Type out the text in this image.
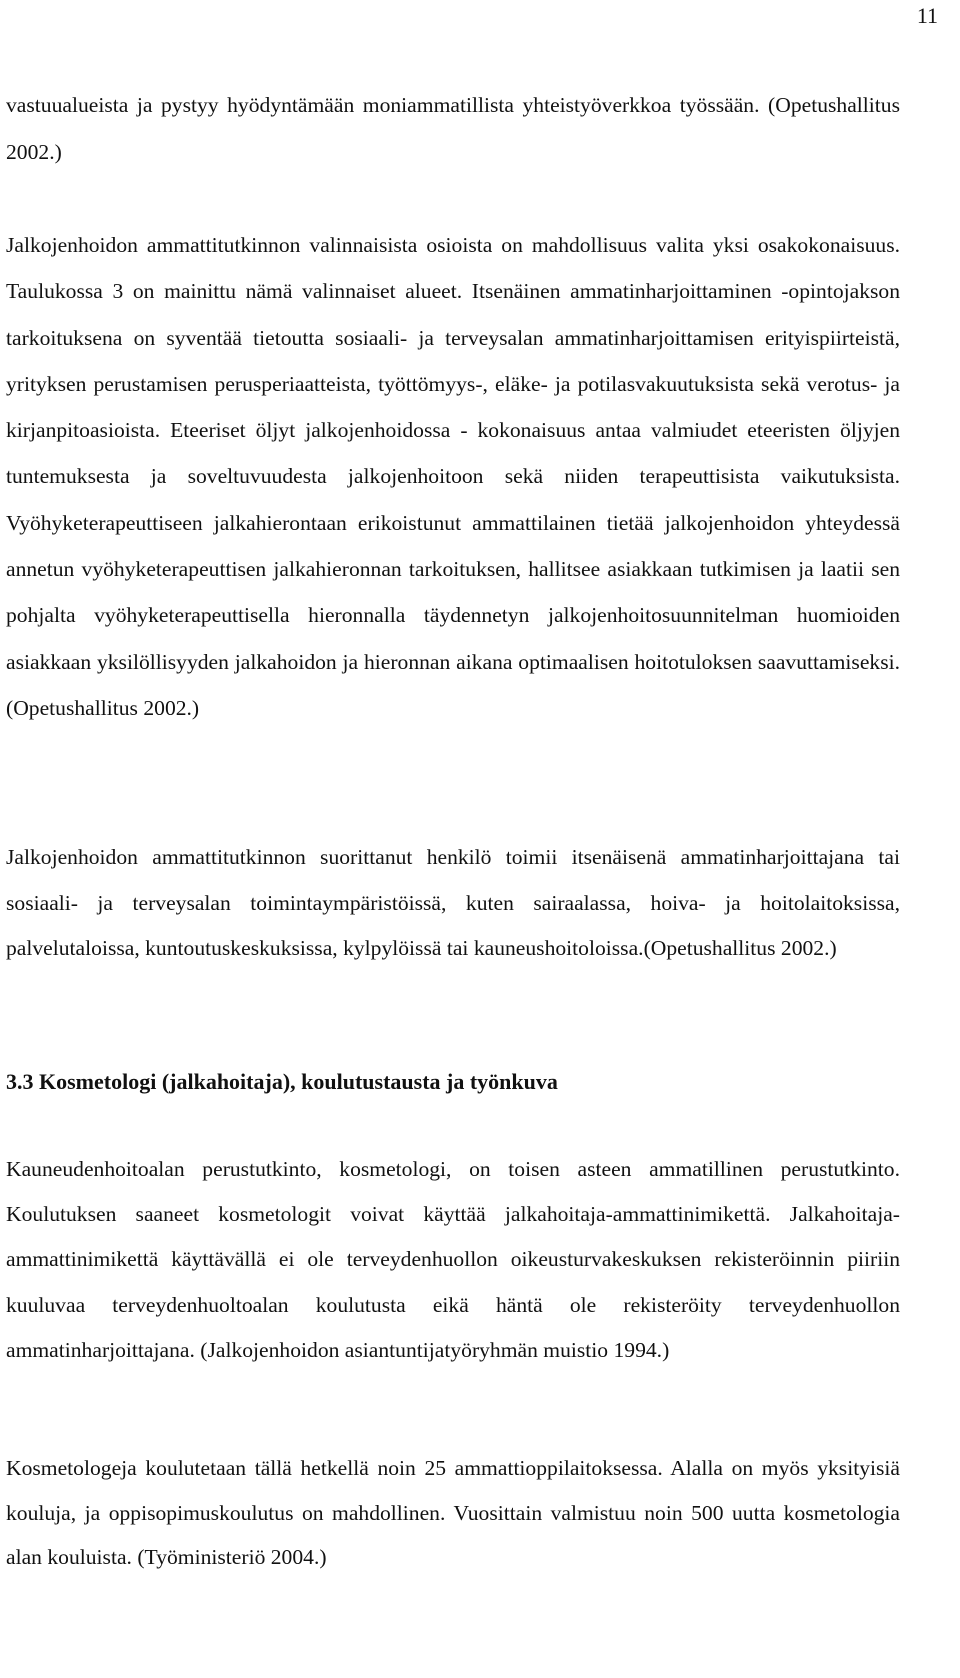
11

vastuualueista ja pystyy hyödyntämään moniammatillista yhteistyöverkkoa työssään. (Opetushallitus 2002.)

Jalkojenhoidon ammattitutkinnon valinnaisista osioista on mahdollisuus valita yksi osakokonaisuus. Taulukossa 3 on mainittu nämä valinnaiset alueet. Itsenäinen ammatinharjoittaminen -opintojakson tarkoituksena on syventää tietoutta sosiaali- ja terveysalan ammatinharjoittamisen erityispiirteistä, yrityksen perustamisen perusperiaatteista, työttömyys-, eläke- ja potilasvakuutuksista sekä verotus- ja kirjanpitoasioista. Eteeriset öljyt jalkojenhoidossa - kokonaisuus antaa valmiudet eteeristen öljyjen tuntemuksesta ja soveltuvuudesta jalkojenhoitoon sekä niiden terapeuttisista vaikutuksista. Vyöhyketerapeuttiseen jalkahierontaan erikoistunut ammattilainen tietää jalkojenhoidon yhteydessä annetun vyöhyketerapeuttisen jalkahieronnan tarkoituksen, hallitsee asiakkaan tutkimisen ja laatii sen pohjalta vyöhyketerapeuttisella hieronnalla täydennetyn jalkojenhoitosuunnitelman huomioiden asiakkaan yksilöllisyyden jalkahoidon ja hieronnan aikana optimaalisen hoitotuloksen saavuttamiseksi. (Opetushallitus 2002.)

Jalkojenhoidon ammattitutkinnon suorittanut henkilö toimii itsenäisenä ammatinharjoittajana tai sosiaali- ja terveysalan toimintaympäristöissä, kuten sairaalassa, hoiva- ja hoitolaitoksissa, palvelutaloissa, kuntoutuskeskuksissa, kylpylöissä tai kauneushoitoloissa.(Opetushallitus 2002.)

3.3 Kosmetologi (jalkahoitaja), koulutustausta ja työnkuva

Kauneudenhoitoalan perustutkinto, kosmetologi, on toisen asteen ammatillinen perustutkinto. Koulutuksen saaneet kosmetologit voivat käyttää jalkahoitaja-ammattinimikettä. Jalkahoitaja- ammattinimikettä käyttävällä ei ole terveydenhuollon oikeusturvakeskuksen rekisteröinnin piiriin kuuluvaa terveydenhuoltoalan koulutusta eikä häntä ole rekisteröity terveydenhuollon ammatinharjoittajana. (Jalkojenhoidon asiantuntijatyöryhmän muistio 1994.)

Kosmetologeja koulutetaan tällä hetkellä noin 25 ammattioppilaitoksessa. Alalla on myös yksityisiä kouluja, ja oppisopimuskoulutus on mahdollinen. Vuosittain valmistuu noin 500 uutta kosmetologia alan kouluista. (Työministeriö 2004.)
